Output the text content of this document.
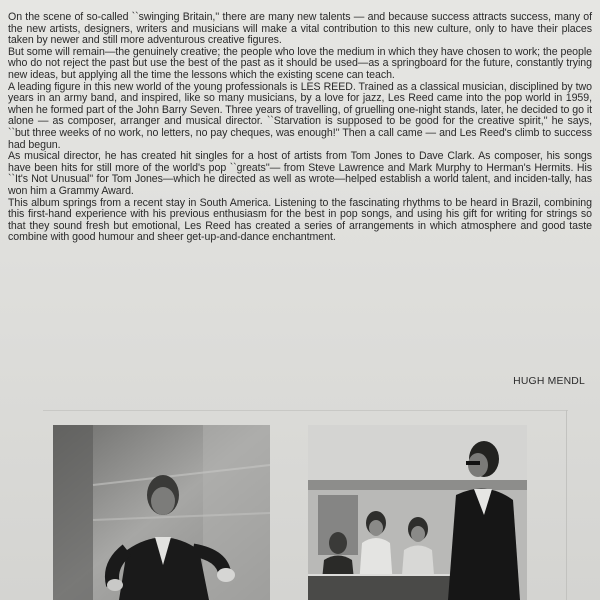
On the scene of so-called ``swinging Britain,'' there are many new talents — and because success attracts success, many of the new artists, designers, writers and musicians will make a vital contribution to this new culture, only to have their places taken by newer and still more adventurous creative figures.

But some will remain—the genuinely creative; the people who love the medium in which they have chosen to work; the people who do not reject the past but use the best of the past as it should be used—as a springboard for the future, constantly trying new ideas, but applying all the time the lessons which the existing scene can teach.

A leading figure in this new world of the young professionals is LES REED. Trained as a classical musician, disciplined by two years in an army band, and inspired, like so many musicians, by a love for jazz, Les Reed came into the pop world in 1959, when he formed part of the John Barry Seven. Three years of travelling, of gruelling one-night stands, later, he decided to go it alone — as composer, arranger and musical director. ``Starvation is supposed to be good for the creative spirit,'' he says, ``but three weeks of no work, no letters, no pay cheques, was enough!'' Then a call came — and Les Reed's climb to success had begun.

As musical director, he has created hit singles for a host of artists from Tom Jones to Dave Clark. As composer, his songs have been hits for still more of the world's pop ``greats''— from Steve Lawrence and Mark Murphy to Herman's Hermits. His ``It's Not Unusual'' for Tom Jones—which he directed as well as wrote—helped establish a world talent, and inciden-tally, has won him a Grammy Award.

This album springs from a recent stay in South America. Listening to the fascinating rhythms to be heard in Brazil, combining this first-hand experience with his previous enthusiasm for the best in pop songs, and using his gift for writing for strings so that they sound fresh but emotional, Les Reed has created a series of arrangements in which atmosphere and good taste combine with good humour and sheer get-up-and-dance enchantment.

HUGH MENDL
